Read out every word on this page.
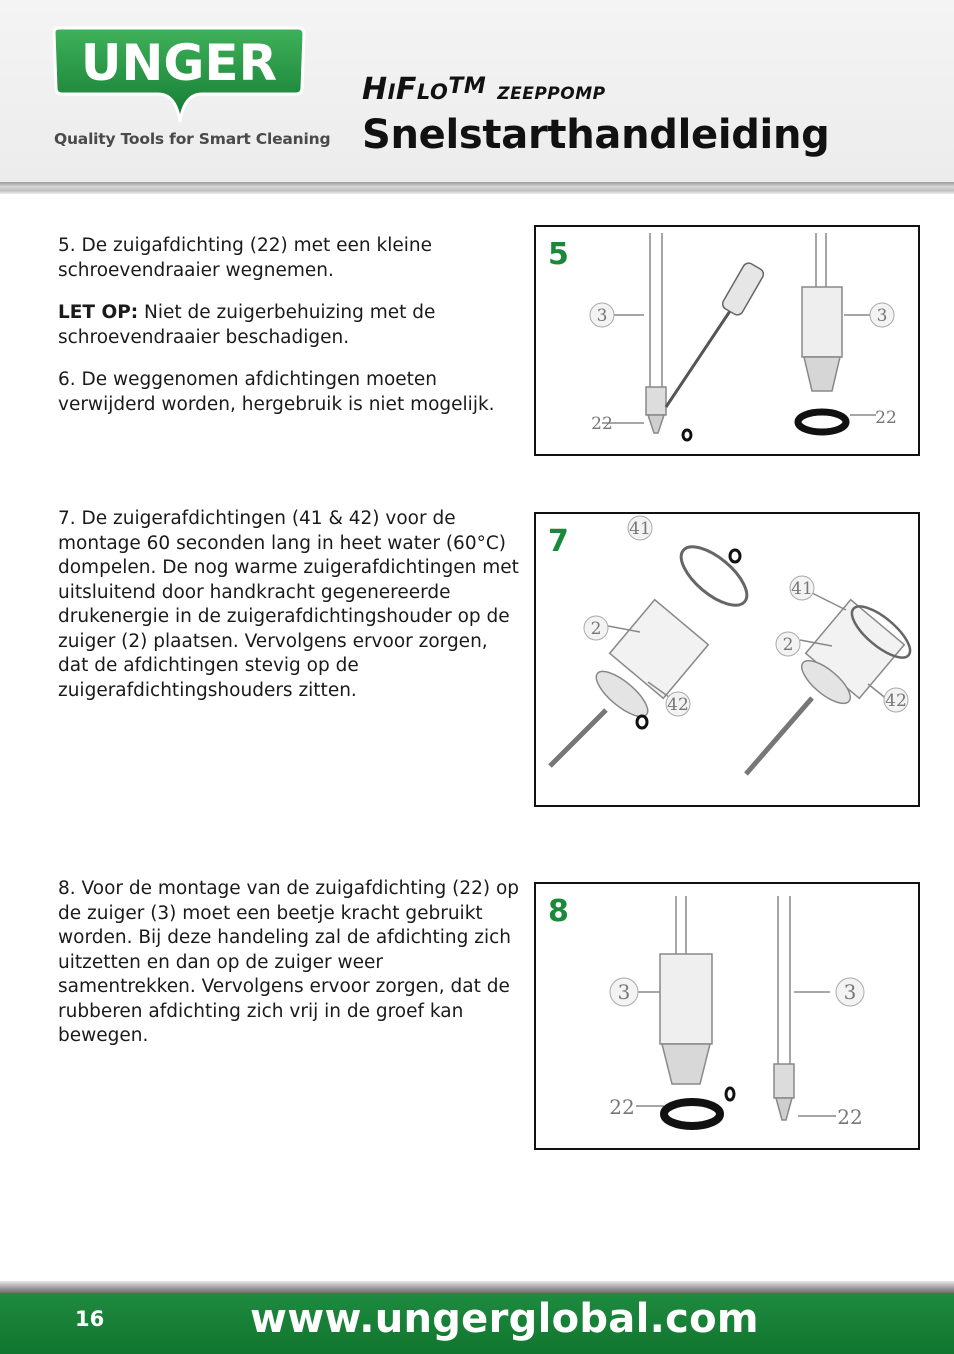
UNGER
Quality Tools for Smart Cleaning
HiFlo™ zeeppomp
Snelstarthandleiding

5. De zuigafdichting (22) met een kleine schroevendraaier wegnemen.

LET OP: Niet de zuigerbehuizing met de schroevendraaier beschadigen.

6. De weggenomen afdichtingen moeten verwijderd worden, hergebruik is niet mogelijk.

3
22
3
22
5

7. De zuigerafdichtingen (41 & 42) voor de montage 60 seconden lang in heet water (60°C) dompelen. De nog warme zuigerafdichtingen met uitsluitend door handkracht gegenereerde drukenergie in de zuigerafdichtingshouder op de zuiger (2) plaatsen. Vervolgens ervoor zorgen, dat de afdichtingen stevig op de zuigerafdichtingshouders zitten.

41
2
42
41
2
42
7

8. Voor de montage van de zuigafdichting (22) op de zuiger (3) moet een beetje kracht gebruikt worden. Bij deze handeling zal de afdichting zich uitzetten en dan op de zuiger weer samentrekken. Vervolgens ervoor zorgen, dat de rubberen afdichting zich vrij in de groef kan bewegen.

3
22
3
22
8
16	www.ungerglobal.com
